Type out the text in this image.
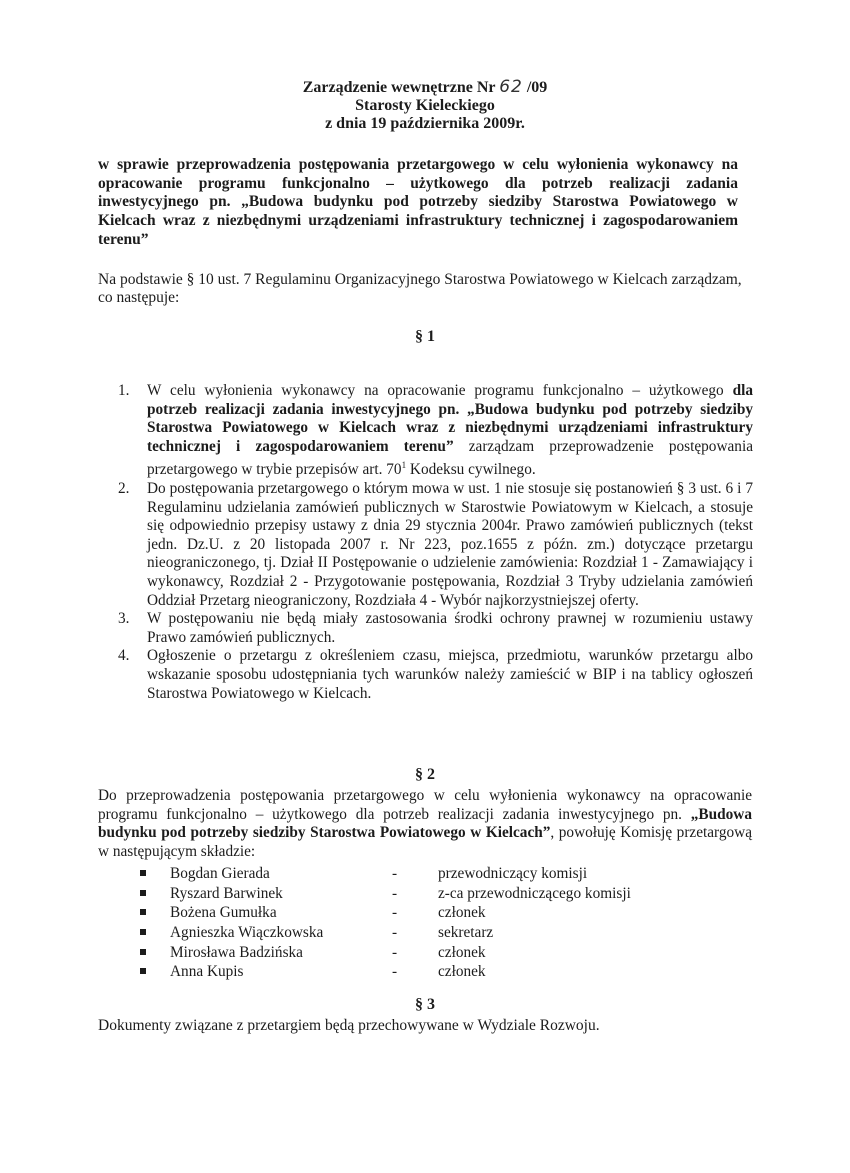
Zarządzenie wewnętrzne Nr 62 /09
Starosty Kieleckiego
z dnia 19 października 2009r.
w sprawie przeprowadzenia postępowania przetargowego w celu wyłonienia wykonawcy na opracowanie programu funkcjonalno – użytkowego dla potrzeb realizacji zadania inwestycyjnego pn. „Budowa budynku pod potrzeby siedziby Starostwa Powiatowego w Kielcach wraz z niezbędnymi urządzeniami infrastruktury technicznej i zagospodarowaniem terenu”
Na podstawie § 10 ust. 7 Regulaminu Organizacyjnego Starostwa Powiatowego w Kielcach zarządzam, co następuje:
§ 1
1. W celu wyłonienia wykonawcy na opracowanie programu funkcjonalno – użytkowego dla potrzeb realizacji zadania inwestycyjnego pn. „Budowa budynku pod potrzeby siedziby Starostwa Powiatowego w Kielcach wraz z niezbędnymi urządzeniami infrastruktury technicznej i zagospodarowaniem terenu” zarządzam przeprowadzenie postępowania przetargowego w trybie przepisów art. $70^1$ Kodeksu cywilnego.
2. Do postępowania przetargowego o którym mowa w ust. 1 nie stosuje się postanowień § 3 ust. 6 i 7 Regulaminu udzielania zamówień publicznych w Starostwie Powiatowym w Kielcach, a stosuje się odpowiednio przepisy ustawy z dnia 29 stycznia 2004r. Prawo zamówień publicznych (tekst jedn. Dz.U. z 20 listopada 2007 r. Nr 223, poz.1655 z późn. zm.) dotyczące przetargu nieograniczonego, tj. Dział II Postępowanie o udzielenie zamówienia: Rozdział 1 - Zamawiający i wykonawcy, Rozdział 2 - Przygotowanie postępowania, Rozdział 3 Tryby udzielania zamówień Oddział Przetarg nieograniczony, Rozdziała 4 - Wybór najkorzystniejszej oferty.
3. W postępowaniu nie będą miały zastosowania środki ochrony prawnej w rozumieniu ustawy Prawo zamówień publicznych.
4. Ogłoszenie o przetargu z określeniem czasu, miejsca, przedmiotu, warunków przetargu albo wskazanie sposobu udostępniania tych warunków należy zamieścić w BIP i na tablicy ogłoszeń Starostwa Powiatowego w Kielcach.
§ 2
Do przeprowadzenia postępowania przetargowego w celu wyłonienia wykonawcy na opracowanie programu funkcjonalno – użytkowego dla potrzeb realizacji zadania inwestycyjnego pn. „Budowa budynku pod potrzeby siedziby Starostwa Powiatowego w Kielcach”, powołuję Komisję przetargową w następującym składzie:
Bogdan Gierada	-	przewodniczący komisji
Ryszard Barwinek	-	z-ca przewodniczącego komisji
Bożena Gumułka	-	członek
Agnieszka Wiączkowska	-	sekretarz
Mirosława Badzińska	-	członek
Anna Kupis	-	członek
§ 3
Dokumenty związane z przetargiem będą przechowywane w Wydziale Rozwoju.
